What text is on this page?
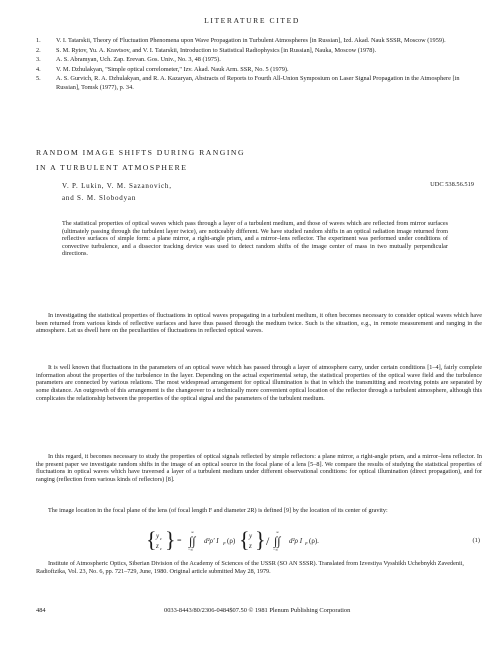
LITERATURE CITED
1.	V. I. Tatarskii, Theory of Fluctuation Phenomena upon Wave Propagation in Turbulent Atmospheres [in Russian], Izd. Akad. Nauk SSSR, Moscow (1959).
2.	S. M. Rytov, Yu. A. Kravtsov, and V. I. Tatarskii, Introduction to Statistical Radiophysics [in Russian], Nauka, Moscow (1978).
3.	A. S. Abramyan, Uch. Zap. Erevan. Gos. Univ., No. 3, 48 (1975).
4.	V. M. Dzhulakyan, "Simple optical correlometer," Izv. Akad. Nauk Arm. SSR, No. 5 (1979).
5.	A. S. Gurvich, R. A. Dzhulakyan, and R. A. Kazaryan, Abstracts of Reports to Fourth All-Union Symposium on Laser Signal Propagation in the Atmosphere [in Russian], Tomsk (1977), p. 34.
RANDOM IMAGE SHIFTS DURING RANGING
IN A TURBULENT ATMOSPHERE
V. P. Lukin, V. M. Sazanovich,
and S. M. Slobodyan
UDC 538.56.519
The statistical properties of optical waves which pass through a layer of a turbulent medium, and those of waves which are reflected from mirror surfaces (ultimately passing through the turbulent layer twice), are noticeably different. We have studied random shifts in an optical radiation image returned from reflective surfaces of simple form: a plane mirror, a right-angle prism, and a mirror–lens reflector. The experiment was performed under conditions of convective turbulence, and a dissector tracking device was used to detect random shifts of the image center of mass in two mutually perpendicular directions.

In investigating the statistical properties of fluctuations in optical waves propagating in a turbulent medium, it often becomes necessary to consider optical waves which have been returned from various kinds of reflective surfaces and have thus passed through the medium twice. Such is the situation, e.g., in remote measurement and ranging in the atmosphere. Let us dwell here on the peculiarities of fluctuations in reflected optical waves.

It is well known that fluctuations in the parameters of an optical wave which has passed through a layer of atmosphere carry, under certain conditions [1–4], fairly complete information about the properties of the turbulence in the layer. Depending on the actual experimental setup, the statistical properties of the optical wave field and the turbulence parameters are connected by various relations. The most widespread arrangement for optical illumination is that in which the transmitting and receiving points are separated by some distance. An outgrowth of this arrangement is the changeover to a technically more convenient optical location of the reflector through a turbulent atmosphere, although this complicates the relationship between the properties of the optical signal and the parameters of the turbulent medium.

In this regard, it becomes necessary to study the properties of optical signals reflected by simple reflectors: a plane mirror, a right-angle prism, and a mirror–lens reflector. In the present paper we investigate random shifts in the image of an optical source in the focal plane of a lens [5–8]. We compare the results of studying the statistical properties of fluctuations in optical waves which have traversed a layer of a turbulent medium under different observational conditions: for optical illumination (direct propagation), and for ranging (reflection from various kinds of reflectors) [8].

The image location in the focal plane of the lens (of focal length F and diameter 2R) is defined [9] by the location of its center of gravity:

{ y c
z c } = ∫∫
−∞
∞
d²ρ′ I F (ρ) { y
z } / ∫∫
−∞
∞
d²ρ I F (ρ).	(1)
Institute of Atmospheric Optics, Siberian Division of the Academy of Sciences of the USSR (SO AN SSSR). Translated from Izvestiya Vysshikh Uchebnykh Zavedenii, Radiofizika, Vol. 23, No. 6, pp. 721–729, June, 1980. Original article submitted May 28, 1979.
484	0033-8443/80/2306-0484$07.50 © 1981 Plenum Publishing Corporation
